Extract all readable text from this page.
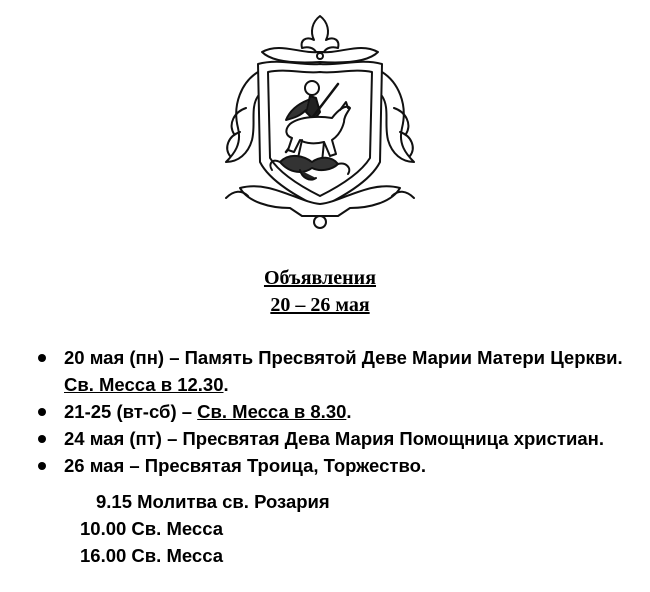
Объявления
20 – 26 мая
20 мая (пн) – Память Пресвятой Деве Марии Матери Церкви. Св. Месса в 12.30.
21-25 (вт-сб) – Св. Месса в 8.30.
24 мая (пт) – Пресвятая Дева Мария Помощница христиан.
26 мая – Пресвятая Троица, Торжество.
9.15 Молитва св. Розария
10.00 Св. Месса
16.00 Св. Месса
